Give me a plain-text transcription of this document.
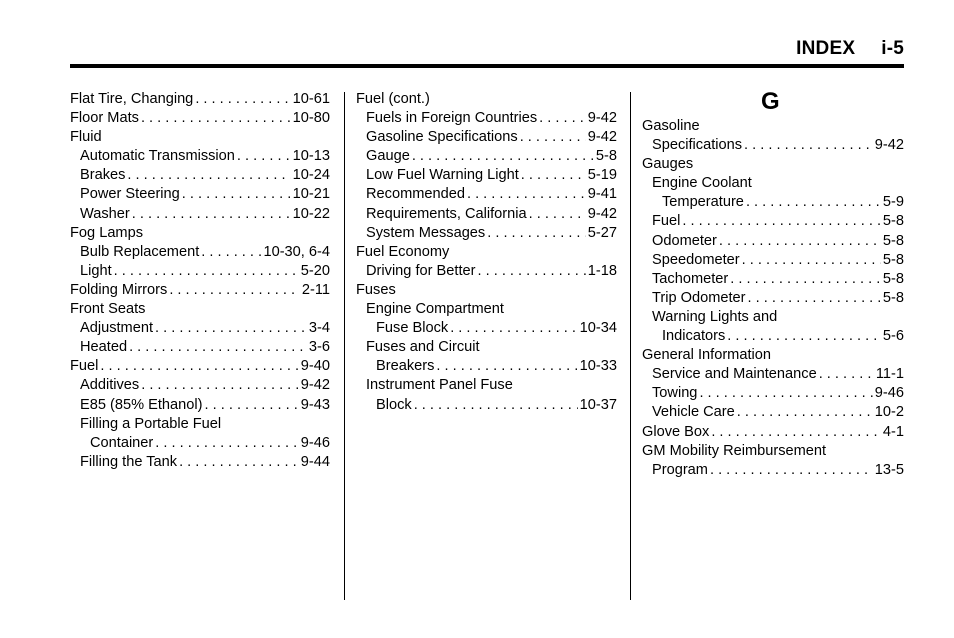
INDEX i-5
Flat Tire, Changing . . .	10-61
Floor Mats . . .	10-80
Fluid
Automatic Transmission . . .	10-13
Brakes . . .	10-24
Power Steering . . .	10-21
Washer . . .	10-22
Fog Lamps
Bulb Replacement . . .	10-30, 6-4
Light . . .	5-20
Folding Mirrors . . .	2-11
Front Seats
Adjustment . . .	3-4
Heated . . .	3-6
Fuel . . .	9-40
Additives . . .	9-42
E85 (85% Ethanol) . . .	9-43
Filling a Portable Fuel
Container . . .	9-46
Filling the Tank . . .	9-44
Fuel (cont.)
Fuels in Foreign Countries . . .	9-42
Gasoline Specifications . . .	9-42
Gauge . . .	5-8
Low Fuel Warning Light . . .	5-19
Recommended . . .	9-41
Requirements, California . . .	9-42
System Messages . . .	5-27
Fuel Economy
Driving for Better . . .	1-18
Fuses
Engine Compartment
Fuse Block . . .	10-34
Fuses and Circuit
Breakers . . .	10-33
Instrument Panel Fuse
Block . . .	10-37
G
Gasoline
Specifications . . .	9-42
Gauges
Engine Coolant
Temperature . . .	5-9
Fuel . . .	5-8
Odometer . . .	5-8
Speedometer . . .	5-8
Tachometer . . .	5-8
Trip Odometer . . .	5-8
Warning Lights and
Indicators . . .	5-6
General Information
Service and Maintenance . . .	11-1
Towing . . .	9-46
Vehicle Care . . .	10-2
Glove Box . . .	4-1
GM Mobility Reimbursement
Program . . .	13-5
